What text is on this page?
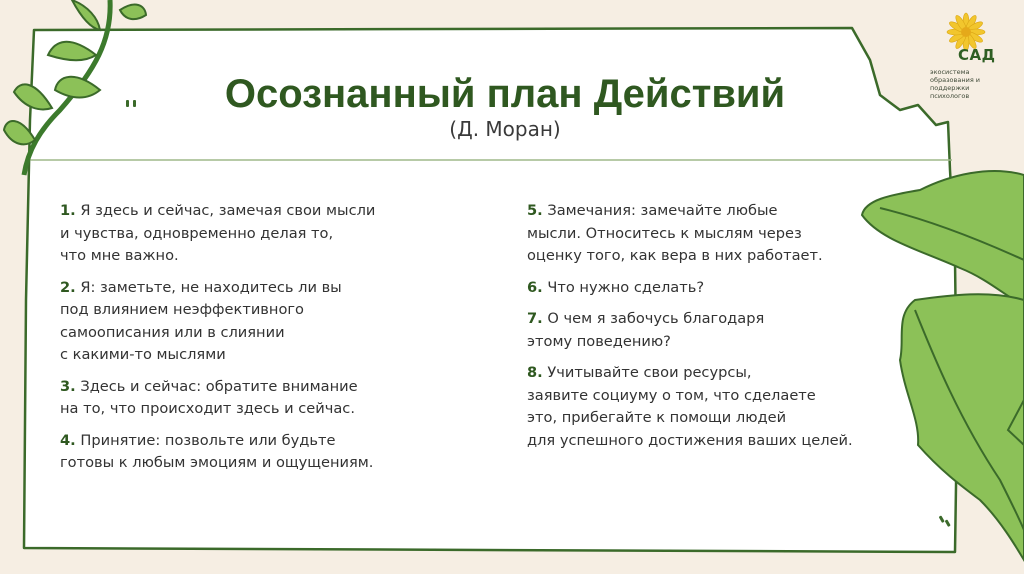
САД
экосистема образования и поддержки психологов
Осознанный план Действий
(Д. Моран)

1. Я здесь и сейчас, замечая свои мысли
и чувства, одновременно делая то,
что мне важно.

2. Я: заметьте, не находитесь ли вы
под влиянием неэффективного
самоописания или в слиянии
с какими-то мыслями

3. Здесь и сейчас: обратите внимание
на то, что происходит здесь и сейчас.

4. Принятие: позвольте или будьте
готовы к любым эмоциям и ощущениям.

5. Замечания: замечайте любые
мысли. Относитесь к мыслям через
оценку того, как вера в них работает.

6. Что нужно сделать?

7. О чем я забочусь благодаря
этому поведению?

8. Учитывайте свои ресурсы,
заявите социуму о том, что сделаете
это, прибегайте к помощи людей
для успешного достижения ваших целей.
